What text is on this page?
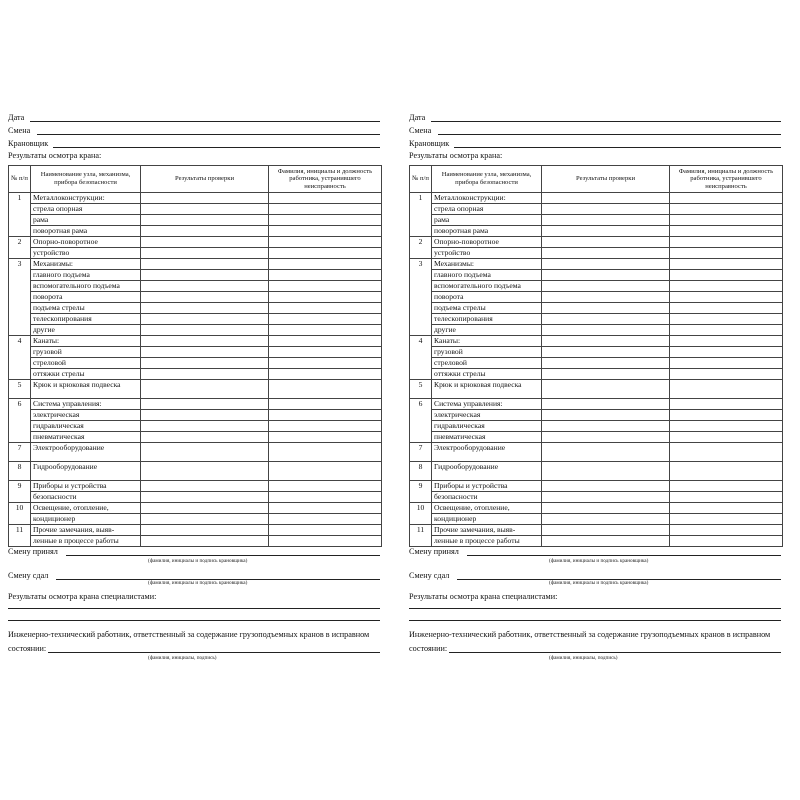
Дата
Смена
Крановщик
Результаты осмотра крана:
№ п/п	Наименование узла, механизма, прибора безопасности	Результаты проверки	Фамилия, инициалы и должность работника, устранившего неисправность
1	Металлоконструкции:		
	стрела опорная		
	рама		
	поворотная рама		
2	Опорно-поворотное		
	устройство		
3	Механизмы:		
	главного подъема		
	вспомогательного подъема		
	поворота		
	подъема стрелы		
	телескопирования		
	другие		
4	Канаты:		
	грузовой		
	стреловой		
	оттяжки стрелы		
5	Крюк и крюковая подвеска		
6	Система управления:		
	электрическая		
	гидравлическая		
	пневматическая		
7	Электрооборудование		
8	Гидрооборудование		
9	Приборы и устройства		
	безопасности		
10	Освещение, отопление,		
	кондиционер		
11	Прочие замечания, выяв-		
	ленные в процессе работы		
Смену принял
(фамилия, инициалы и подпись крановщика)
Смену сдал
(фамилия, инициалы и подпись крановщика)
Результаты осмотра крана специалистами:
Инженерно-технический работник, ответственный за содержание грузоподъемных кранов в исправном
состоянии:
(фамилия, инициалы, подпись)
Дата
Смена
Крановщик
Результаты осмотра крана:
№ п/п	Наименование узла, механизма, прибора безопасности	Результаты проверки	Фамилия, инициалы и должность работника, устранившего неисправность
1	Металлоконструкции:		
	стрела опорная		
	рама		
	поворотная рама		
2	Опорно-поворотное		
	устройство		
3	Механизмы:		
	главного подъема		
	вспомогательного подъема		
	поворота		
	подъема стрелы		
	телескопирования		
	другие		
4	Канаты:		
	грузовой		
	стреловой		
	оттяжки стрелы		
5	Крюк и крюковая подвеска		
6	Система управления:		
	электрическая		
	гидравлическая		
	пневматическая		
7	Электрооборудование		
8	Гидрооборудование		
9	Приборы и устройства		
	безопасности		
10	Освещение, отопление,		
	кондиционер		
11	Прочие замечания, выяв-		
	ленные в процессе работы		
Смену принял
(фамилия, инициалы и подпись крановщика)
Смену сдал
(фамилия, инициалы и подпись крановщика)
Результаты осмотра крана специалистами:
Инженерно-технический работник, ответственный за содержание грузоподъемных кранов в исправном
состоянии:
(фамилия, инициалы, подпись)
